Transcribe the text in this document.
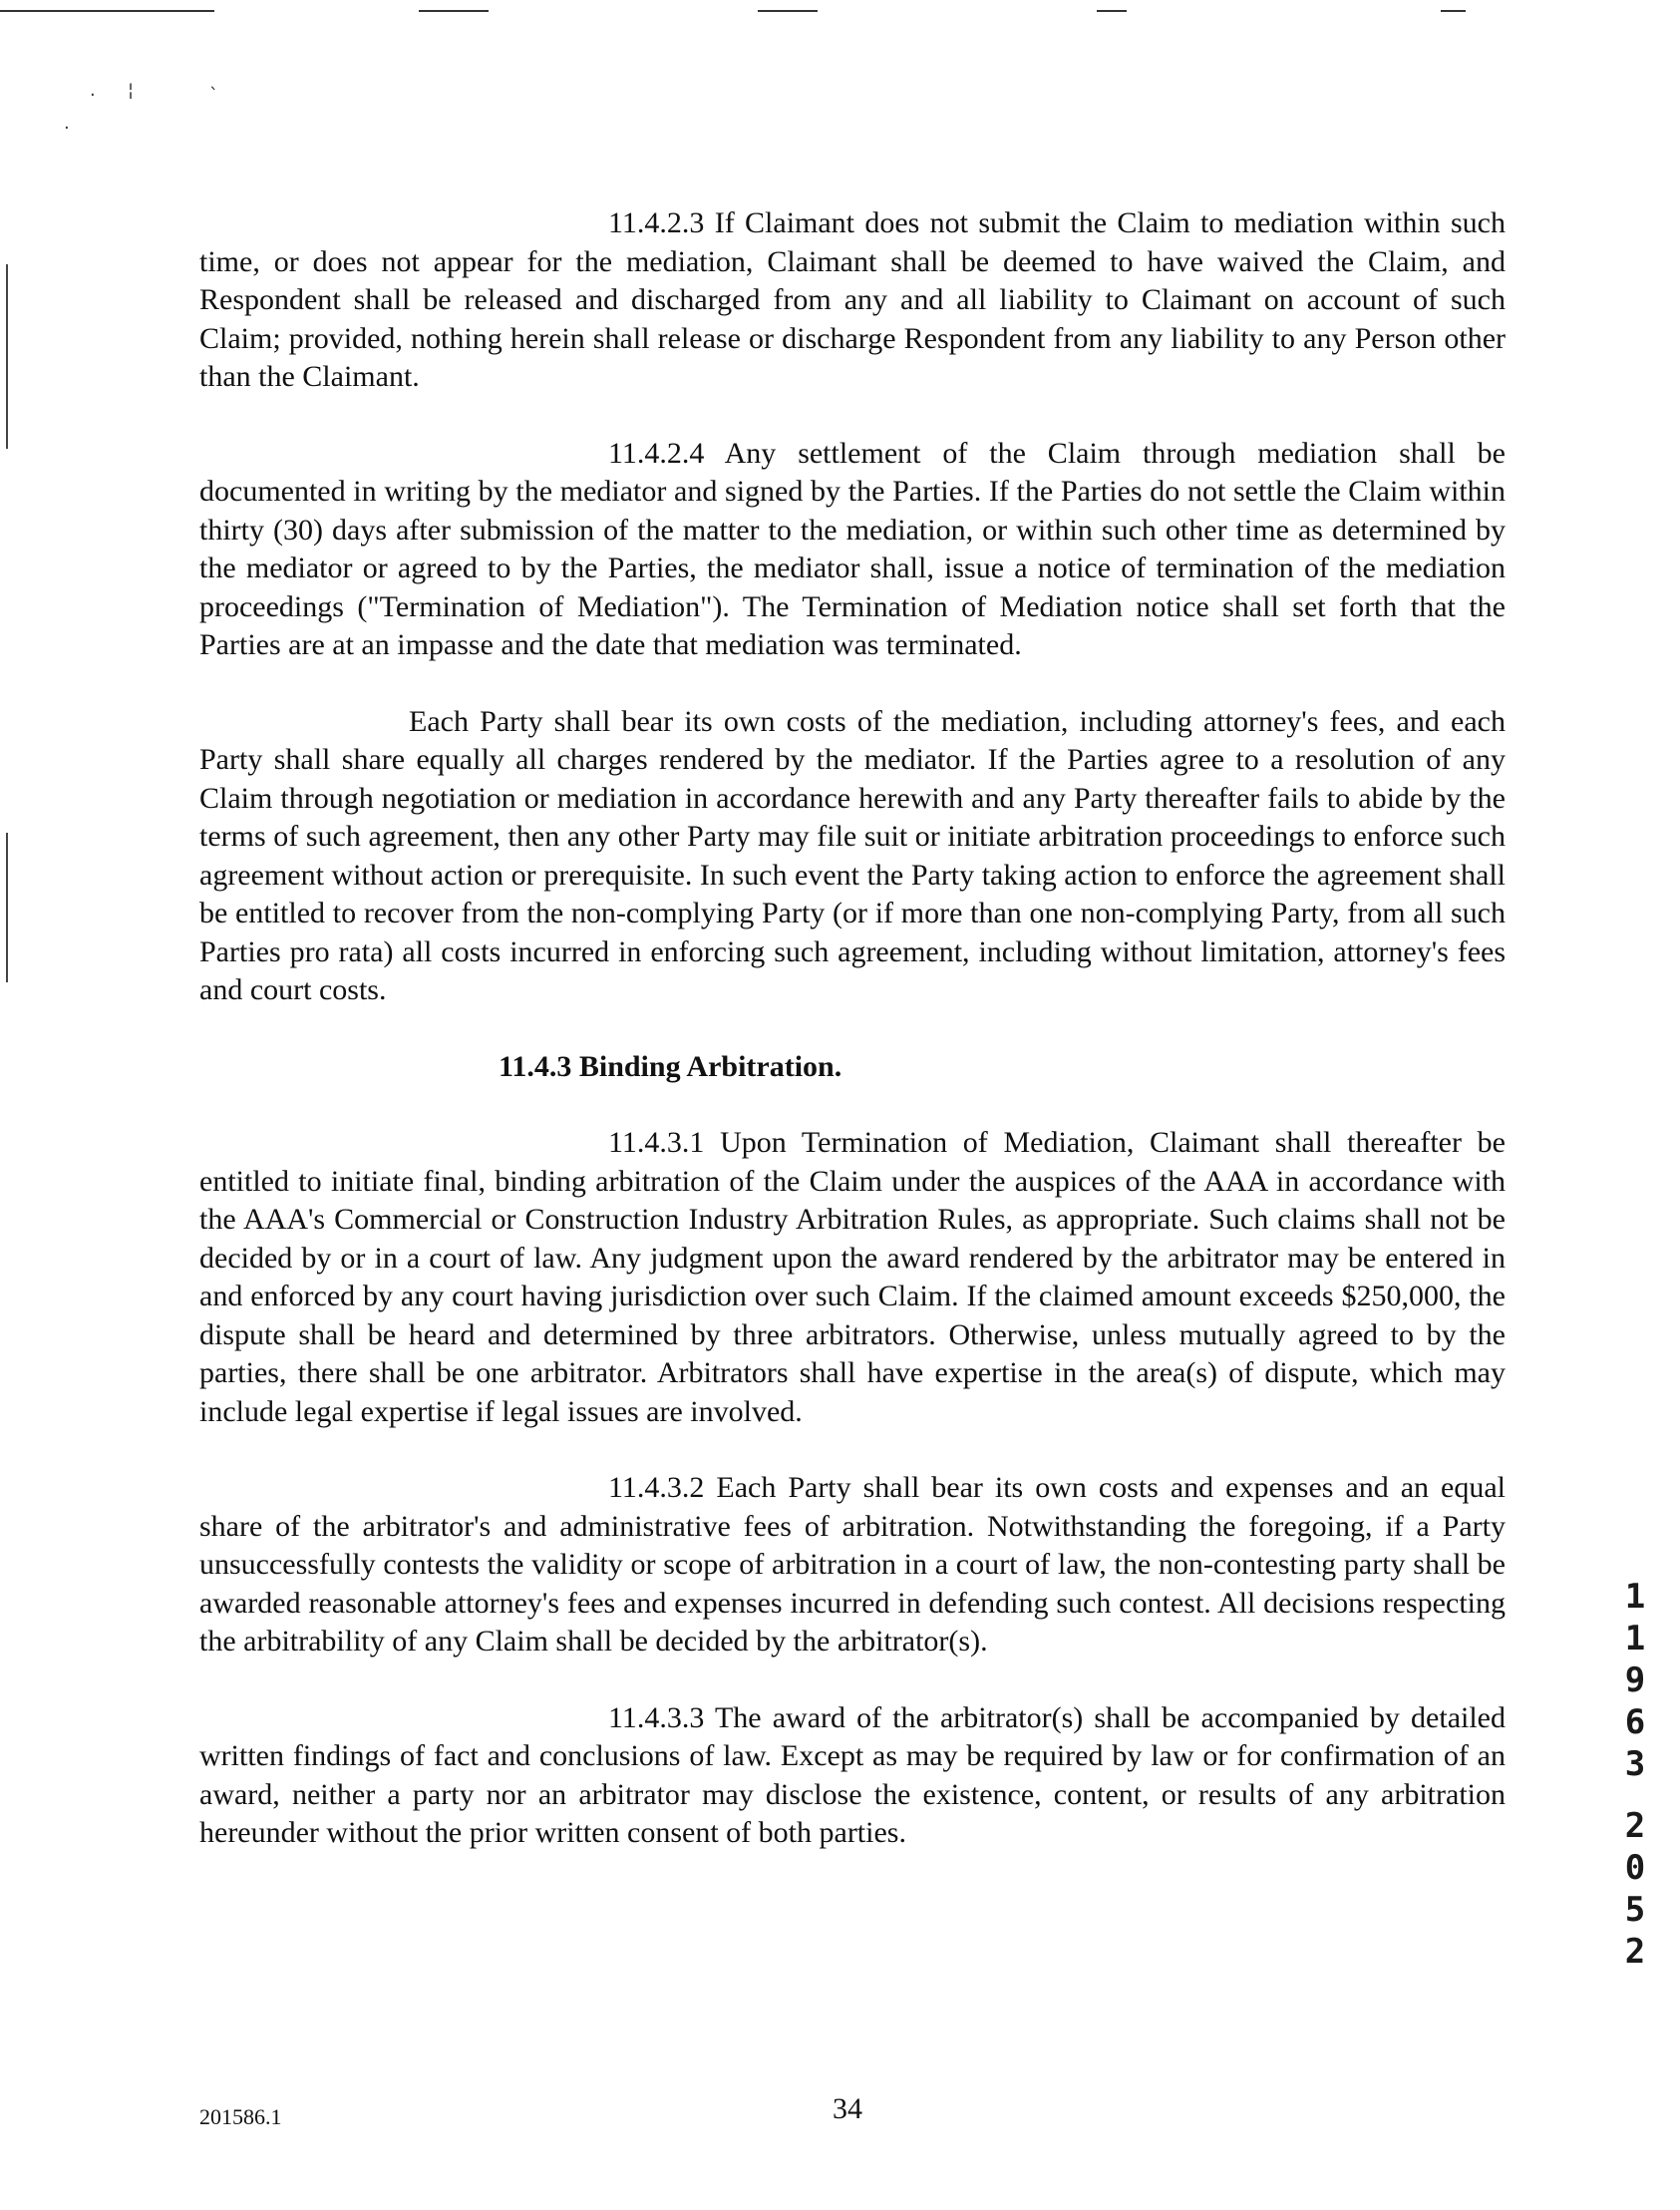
· ¦	`
·

11.4.2.3 If Claimant does not submit the Claim to mediation within such time, or does not appear for the mediation, Claimant shall be deemed to have waived the Claim, and Respondent shall be released and discharged from any and all liability to Claimant on account of such Claim; provided, nothing herein shall release or discharge Respondent from any liability to any Person other than the Claimant.

11.4.2.4 Any settlement of the Claim through mediation shall be documented in writing by the mediator and signed by the Parties. If the Parties do not settle the Claim within thirty (30) days after submission of the matter to the mediation, or within such other time as determined by the mediator or agreed to by the Parties, the mediator shall, issue a notice of termination of the mediation proceedings ("Termination of Mediation"). The Termination of Mediation notice shall set forth that the Parties are at an impasse and the date that mediation was terminated.

Each Party shall bear its own costs of the mediation, including attorney's fees, and each Party shall share equally all charges rendered by the mediator. If the Parties agree to a resolution of any Claim through negotiation or mediation in accordance herewith and any Party thereafter fails to abide by the terms of such agreement, then any other Party may file suit or initiate arbitration proceedings to enforce such agreement without action or prerequisite. In such event the Party taking action to enforce the agreement shall be entitled to recover from the non-complying Party (or if more than one non-complying Party, from all such Parties pro rata) all costs incurred in enforcing such agreement, including without limitation, attorney's fees and court costs.

11.4.3 Binding Arbitration.

11.4.3.1 Upon Termination of Mediation, Claimant shall thereafter be entitled to initiate final, binding arbitration of the Claim under the auspices of the AAA in accordance with the AAA's Commercial or Construction Industry Arbitration Rules, as appropriate. Such claims shall not be decided by or in a court of law. Any judgment upon the award rendered by the arbitrator may be entered in and enforced by any court having jurisdiction over such Claim. If the claimed amount exceeds $250,000, the dispute shall be heard and determined by three arbitrators. Otherwise, unless mutually agreed to by the parties, there shall be one arbitrator. Arbitrators shall have expertise in the area(s) of dispute, which may include legal expertise if legal issues are involved.

11.4.3.2 Each Party shall bear its own costs and expenses and an equal share of the arbitrator's and administrative fees of arbitration. Notwithstanding the foregoing, if a Party unsuccessfully contests the validity or scope of arbitration in a court of law, the non-contesting party shall be awarded reasonable attorney's fees and expenses incurred in defending such contest. All decisions respecting the arbitrability of any Claim shall be decided by the arbitrator(s).

11.4.3.3 The award of the arbitrator(s) shall be accompanied by detailed written findings of fact and conclusions of law. Except as may be required by law or for confirmation of an award, neither a party nor an arbitrator may disclose the existence, content, or results of any arbitration hereunder without the prior written consent of both parties.

201586.1	34
1
1
9
6
3
2
0
5
2
